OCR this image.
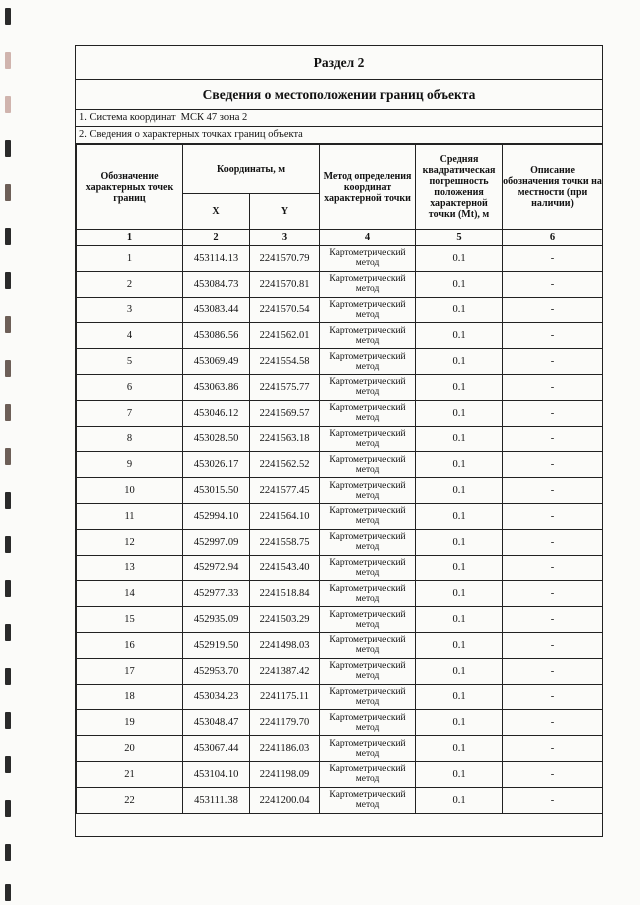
Раздел 2
Сведения о местоположении границ объекта
1. Система координат МСК 47 зона 2
2. Сведения о характерных точках границ объекта
Обозначение характерных точек границ	Координаты, м		Метод определения координат характерной точки	Средняя квадратическая погрешность положения характерной точки (Mt), м	Описание обозначения точки на местности (при наличии)
	X	Y			
1	2	3	4	5	6
1	453114.13	2241570.79	Картометрический метод	0.1	-
2	453084.73	2241570.81	Картометрический метод	0.1	-
3	453083.44	2241570.54	Картометрический метод	0.1	-
4	453086.56	2241562.01	Картометрический метод	0.1	-
5	453069.49	2241554.58	Картометрический метод	0.1	-
6	453063.86	2241575.77	Картометрический метод	0.1	-
7	453046.12	2241569.57	Картометрический метод	0.1	-
8	453028.50	2241563.18	Картометрический метод	0.1	-
9	453026.17	2241562.52	Картометрический метод	0.1	-
10	453015.50	2241577.45	Картометрический метод	0.1	-
11	452994.10	2241564.10	Картометрический метод	0.1	-
12	452997.09	2241558.75	Картометрический метод	0.1	-
13	452972.94	2241543.40	Картометрический метод	0.1	-
14	452977.33	2241518.84	Картометрический метод	0.1	-
15	452935.09	2241503.29	Картометрический метод	0.1	-
16	452919.50	2241498.03	Картометрический метод	0.1	-
17	452953.70	2241387.42	Картометрический метод	0.1	-
18	453034.23	2241175.11	Картометрический метод	0.1	-
19	453048.47	2241179.70	Картометрический метод	0.1	-
20	453067.44	2241186.03	Картометрический метод	0.1	-
21	453104.10	2241198.09	Картометрический метод	0.1	-
22	453111.38	2241200.04	Картометрический метод	0.1	-
